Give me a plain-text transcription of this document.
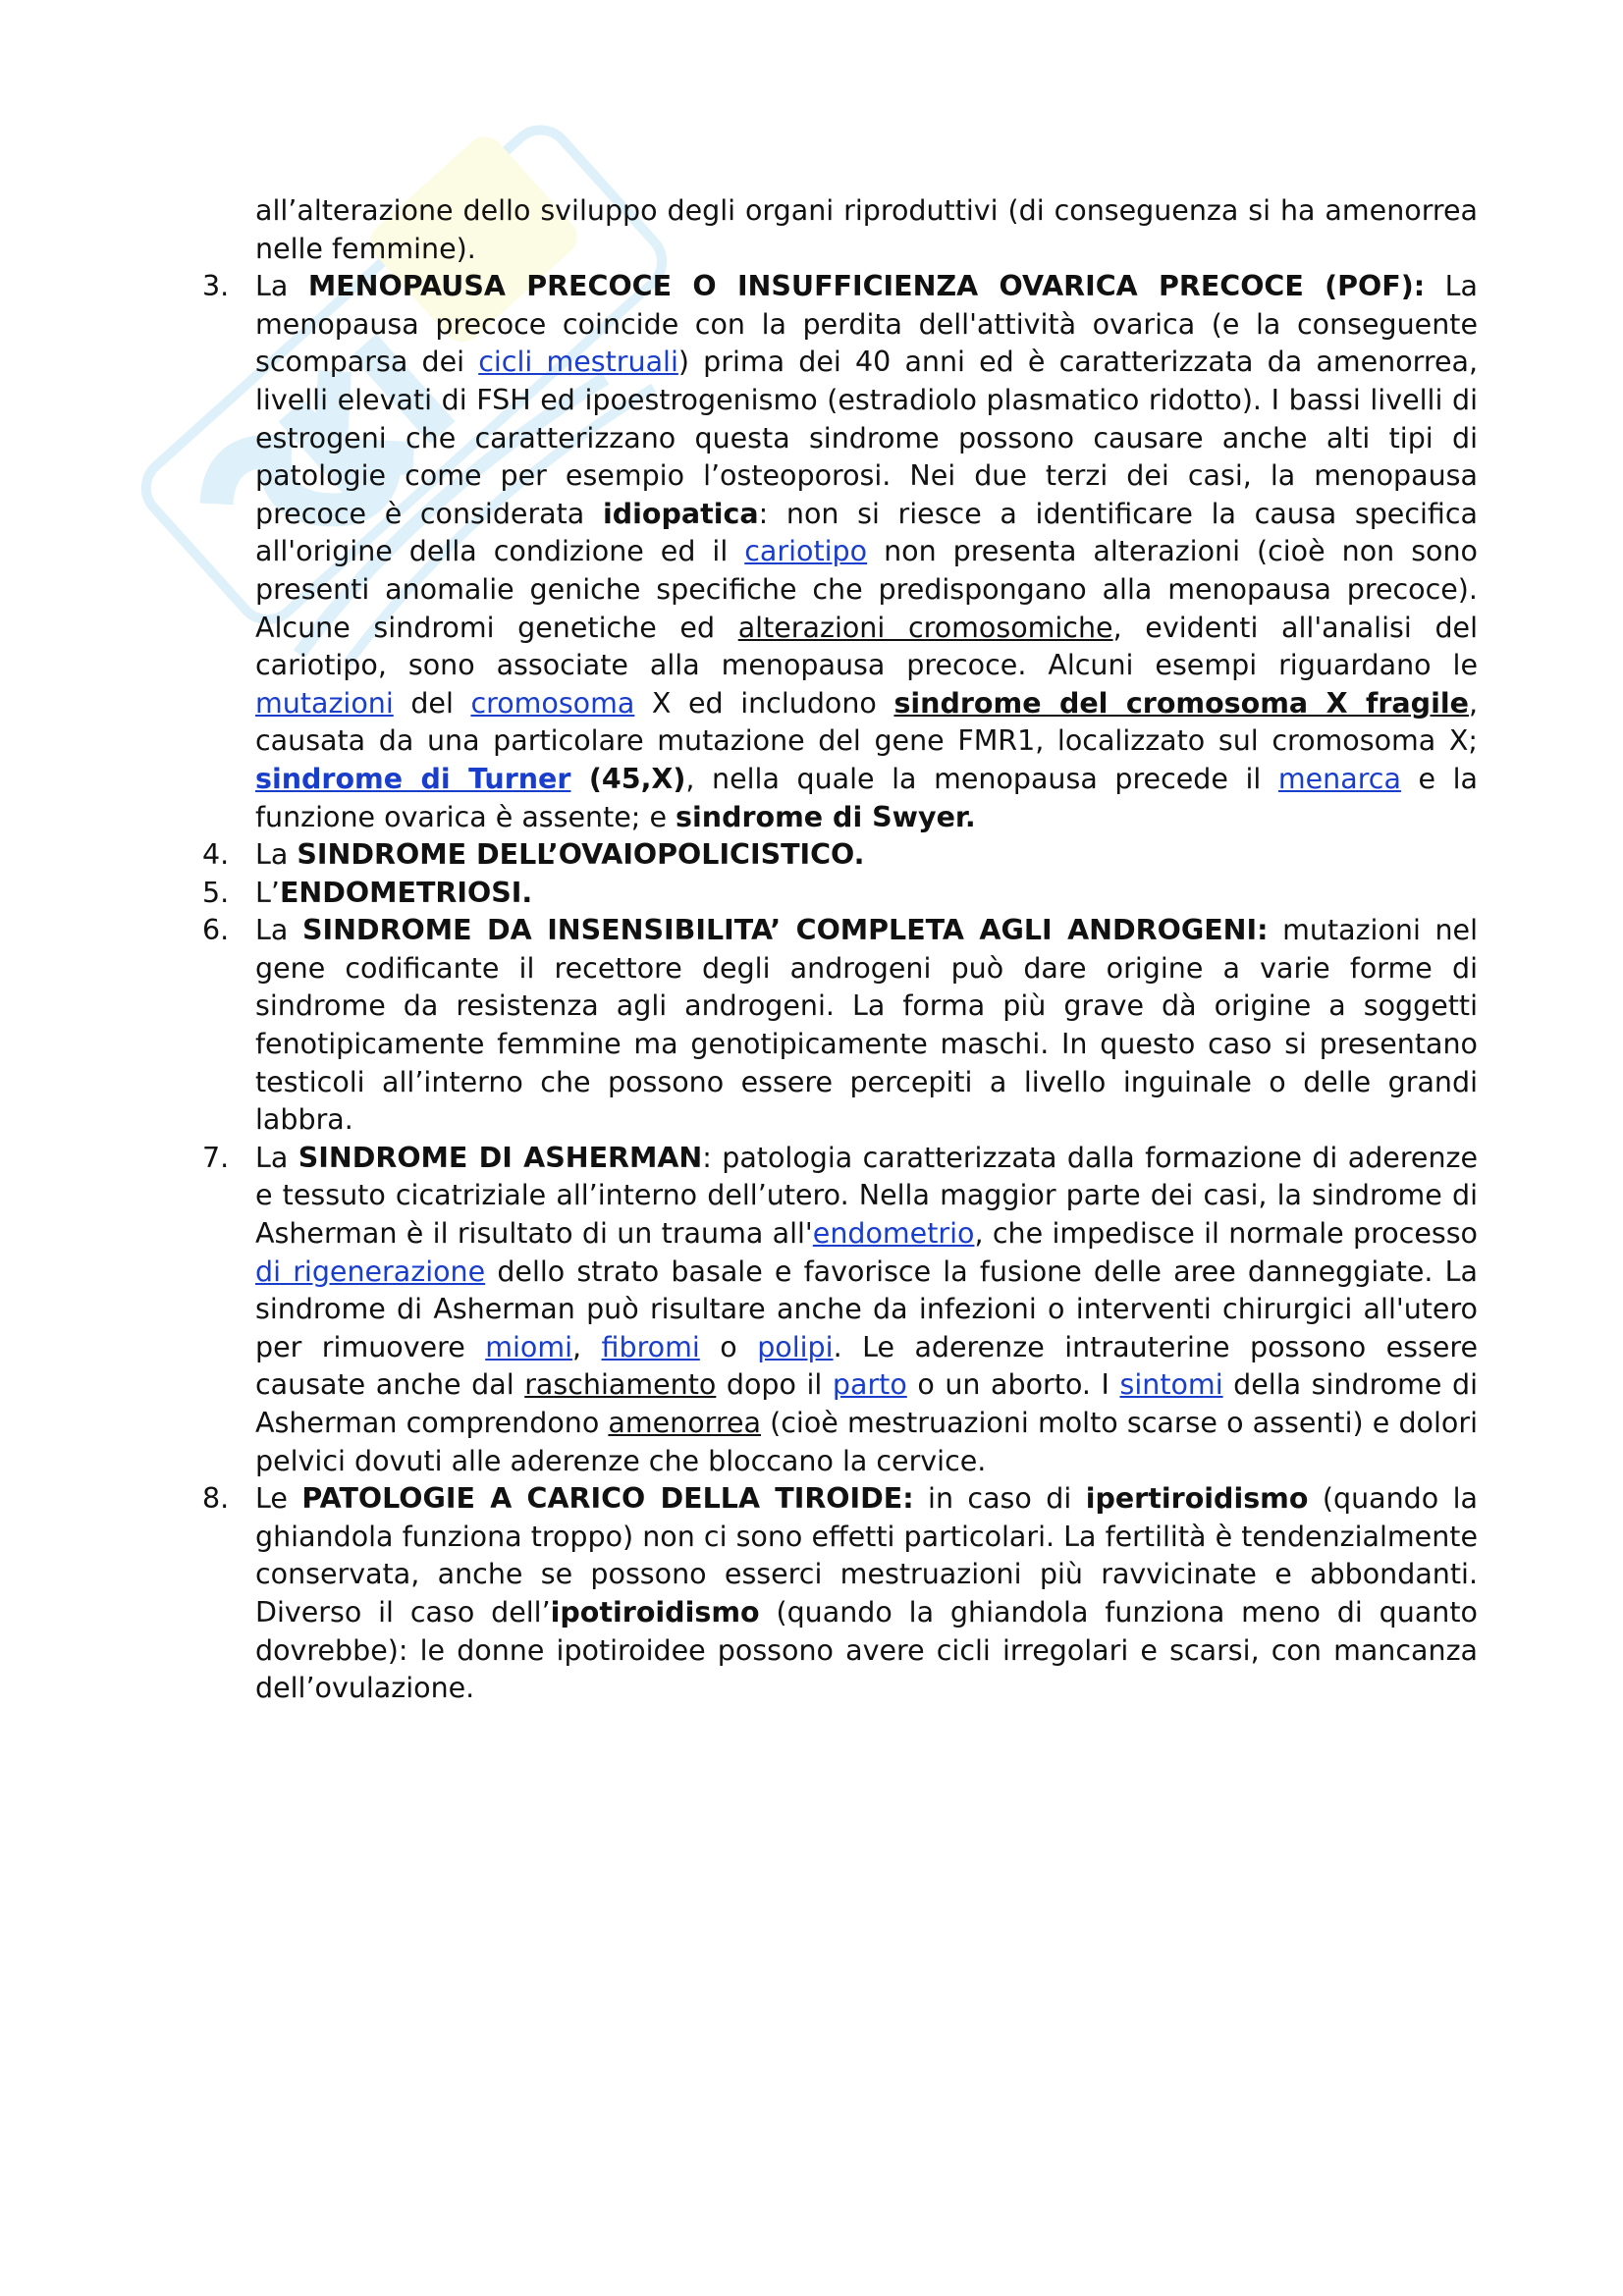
all’alterazione dello sviluppo degli organi riproduttivi (di conseguenza si ha amenorrea nelle femmine).

3. La MENOPAUSA PRECOCE O INSUFFICIENZA OVARICA PRECOCE (POF): La menopausa precoce coincide con la perdita dell'attività ovarica (e la conseguente scomparsa dei cicli mestruali) prima dei 40 anni ed è caratterizzata da amenorrea, livelli elevati di FSH ed ipoestrogenismo (estradiolo plasmatico ridotto). I bassi livelli di estrogeni che caratterizzano questa sindrome possono causare anche alti tipi di patologie come per esempio l’osteoporosi. Nei due terzi dei casi, la menopausa precoce è considerata idiopatica: non si riesce a identificare la causa specifica all'origine della condizione ed il cariotipo non presenta alterazioni (cioè non sono presenti anomalie geniche specifiche che predispongano alla menopausa precoce). Alcune sindromi genetiche ed alterazioni cromosomiche, evidenti all'analisi del cariotipo, sono associate alla menopausa precoce. Alcuni esempi riguardano le mutazioni del cromosoma X ed includono sindrome del cromosoma X fragile, causata da una particolare mutazione del gene FMR1, localizzato sul cromosoma X; sindrome di Turner (45,X), nella quale la menopausa precede il menarca e la funzione ovarica è assente; e sindrome di Swyer.
4. La SINDROME DELL’OVAIOPOLICISTICO.
5. L’ENDOMETRIOSI.
6. La SINDROME DA INSENSIBILITA’ COMPLETA AGLI ANDROGENI: mutazioni nel gene codificante il recettore degli androgeni può dare origine a varie forme di sindrome da resistenza agli androgeni. La forma più grave dà origine a soggetti fenotipicamente femmine ma genotipicamente maschi. In questo caso si presentano testicoli all’interno che possono essere percepiti a livello inguinale o delle grandi labbra.
7. La SINDROME DI ASHERMAN: patologia caratterizzata dalla formazione di aderenze e tessuto cicatriziale all’interno dell’utero. Nella maggior parte dei casi, la sindrome di Asherman è il risultato di un trauma all'endometrio, che impedisce il normale processo di rigenerazione dello strato basale e favorisce la fusione delle aree danneggiate. La sindrome di Asherman può risultare anche da infezioni o interventi chirurgici all'utero per rimuovere miomi, fibromi o polipi. Le aderenze intrauterine possono essere causate anche dal raschiamento dopo il parto o un aborto. I sintomi della sindrome di Asherman comprendono amenorrea (cioè mestruazioni molto scarse o assenti) e dolori pelvici dovuti alle aderenze che bloccano la cervice.
8. Le PATOLOGIE A CARICO DELLA TIROIDE: in caso di ipertiroidismo (quando la ghiandola funziona troppo) non ci sono effetti particolari. La fertilità è tendenzialmente conservata, anche se possono esserci mestruazioni più ravvicinate e abbondanti. Diverso il caso dell’ipotiroidismo (quando la ghiandola funziona meno di quanto dovrebbe): le donne ipotiroidee possono avere cicli irregolari e scarsi, con mancanza dell’ovulazione.
